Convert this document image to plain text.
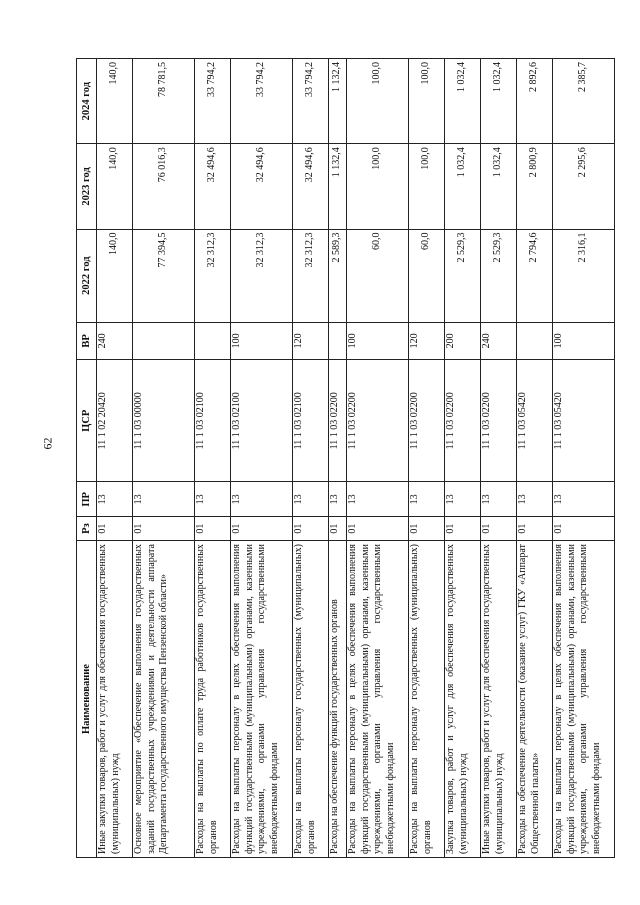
62
Наименование	Рз	ПР	ЦСР	ВР	2022 год	2023 год	2024 год
Иные закупки товаров, работ и услуг для обеспечения государственных (муниципальных) нужд	01	13	11 1 02 20420	240	140,0	140,0	140,0
Основное мероприятие «Обеспечение выполнения государственных заданий государственных учреждениями и деятельности аппарата Департамента государственного имущества Пензенской области»	01	13	11 1 03 00000		77 394,5	76 016,3	78 781,5
Расходы на выплаты по оплате труда работников государственных органов	01	13	11 1 03 02100		32 312,3	32 494,6	33 794,2
Расходы на выплаты персоналу в целях обеспечения выполнения функций государственными (муниципальными) органами, казенными учреждениями, органами управления государственными внебюджетными фондами	01	13	11 1 03 02100	100	32 312,3	32 494,6	33 794,2
Расходы на выплаты персоналу государственных (муниципальных) органов	01	13	11 1 03 02100	120	32 312,3	32 494,6	33 794,2
Расходы на обеспечение функций государственных органов	01	13	11 1 03 02200		2 589,3	1 132,4	1 132,4
Расходы на выплаты персоналу в целях обеспечения выполнения функций государственными (муниципальными) органами, казенными учреждениями, органами управления государственными внебюджетными фондами	01	13	11 1 03 02200	100	60,0	100,0	100,0
Расходы на выплаты персоналу государственных (муниципальных) органов	01	13	11 1 03 02200	120	60,0	100,0	100,0
Закупка товаров, работ и услуг для обеспечения государственных (муниципальных) нужд	01	13	11 1 03 02200	200	2 529,3	1 032,4	1 032,4
Иные закупки товаров, работ и услуг для обеспечения государственных (муниципальных) нужд	01	13	11 1 03 02200	240	2 529,3	1 032,4	1 032,4
Расходы на обеспечение деятельности (оказание услуг) ГКУ «Аппарат Общественной палаты»	01	13	11 1 03 05420		2 794,6	2 800,9	2 892,6
Расходы на выплаты персоналу в целях обеспечения выполнения функций государственными (муниципальными) органами, казенными учреждениями, органами управления государственными внебюджетными фондами	01	13	11 1 03 05420	100	2 316,1	2 295,6	2 385,7
